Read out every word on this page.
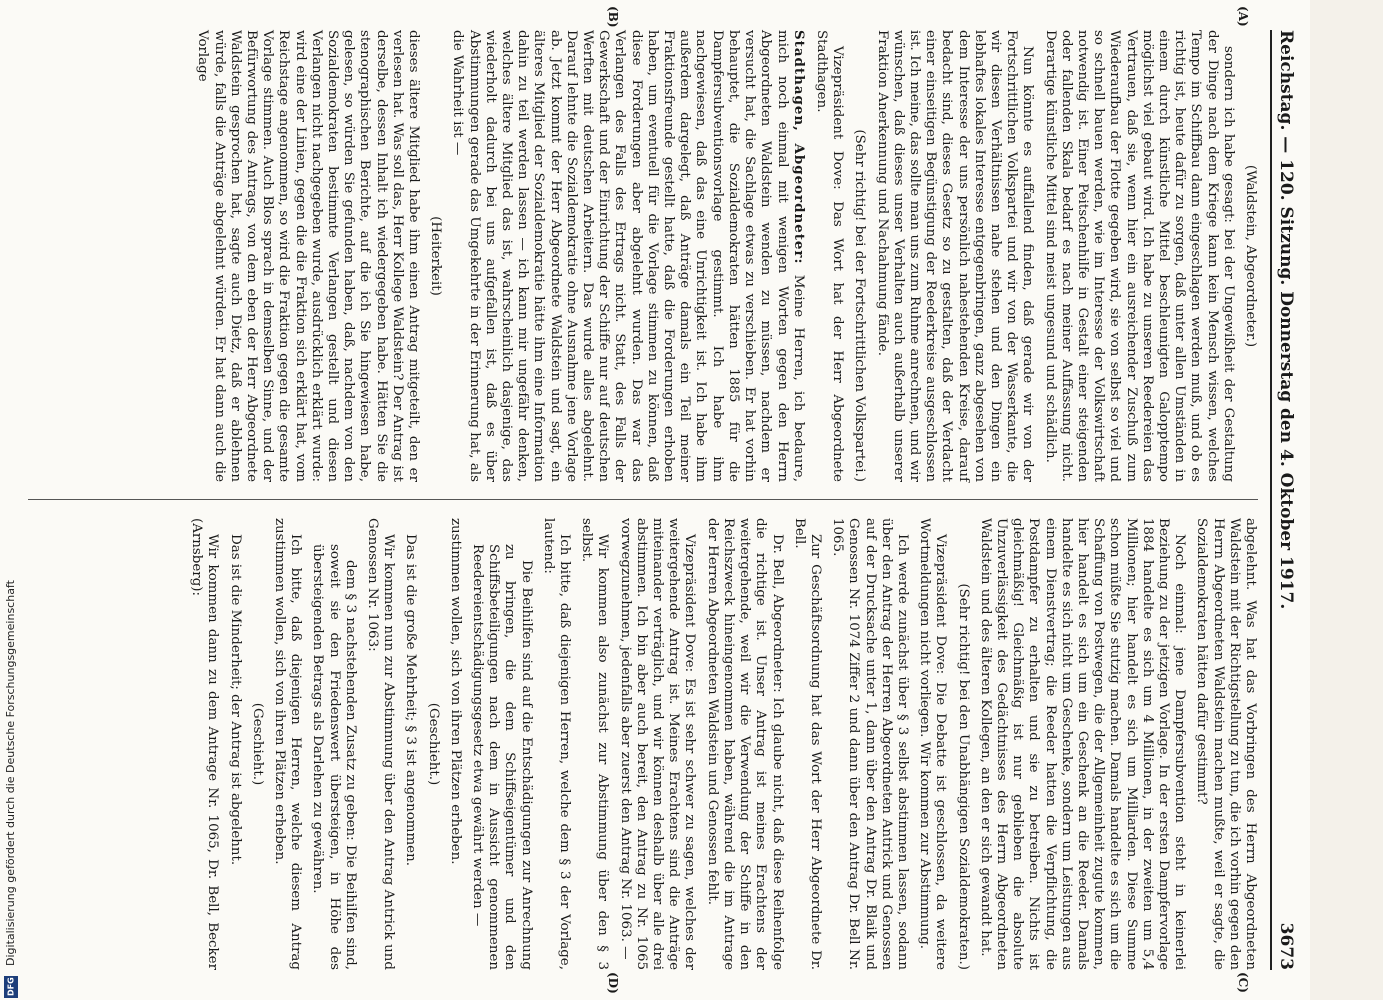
Reichstag. — 120. Sitzung. Donnerstag den 4. Oktober 1917.
3673
(A)
(B)
(C)
(D)

(Waldstein, Abgeordneter.)

sondern ich habe gesagt: bei der Ungewißheit der Gestaltung der Dinge nach dem Kriege kann kein Mensch wissen, welches Tempo im Schiffbau dann eingeschlagen werden muß, und ob es richtig ist, heute dafür zu sorgen, daß unter allen Umständen in einem durch künstliche Mittel beschleunigten Galopptempo möglichst viel gebaut wird. Ich habe zu unseren Reedereien das Vertrauen, daß sie, wenn hier ein ausreichender Zuschuß zum Wiederaufbau der Flotte gegeben wird, sie von selbst so viel und so schnell bauen werden, wie im Interesse der Volkswirtschaft notwendig ist. Einer Peitschenhilfe in Gestalt einer steigenden oder fallenden Skala bedarf es nach meiner Auffassung nicht. Derartige künstliche Mittel sind meist ungesund und schädlich.

Nun könnte es auffallend finden, daß gerade wir von der Fortschrittlichen Volkspartei und wir von der Wasserkante, die wir diesen Verhältnissen nahe stehen und den Dingen ein lebhaftes lokales Interesse entgegenbringen, ganz abgesehen von dem Interesse der uns persönlich nahestehenden Kreise, darauf bedacht sind, dieses Gesetz so zu gestalten, daß der Verdacht einer einseitigen Begünstigung der Reederkreise ausgeschlossen ist. Ich meine, das sollte man uns zum Ruhme anrechnen, und wir wünschen, daß dieses unser Verhalten auch außerhalb unserer Fraktion Anerkennung und Nachahmung fände.

(Sehr richtig! bei der Fortschrittlichen Volkspartei.)

Vizepräsident Dove: Das Wort hat der Herr Abgeordnete Stadthagen.

Stadthagen, Abgeordneter: Meine Herren, ich bedaure, mich noch einmal mit wenigen Worten gegen den Herrn Abgeordneten Waldstein wenden zu müssen, nachdem er versucht hat, die Sachlage etwas zu verschieben. Er hat vorhin behauptet, die Sozialdemokraten hätten 1885 für die Dampfersubventionsvorlage gestimmt. Ich habe ihm nachgewiesen, daß das eine Unrichtigkeit ist. Ich habe ihm außerdem dargelegt, daß Anträge damals ein Teil meiner Fraktionsfreunde gestellt hatte, daß die Forderungen erhoben haben, um eventuell für die Vorlage stimmen zu können, daß diese Forderungen aber abgelehnt wurden. Das war das Verlangen des Falls des Ertrags nicht. Statt, des Falls der Gewerkschaft und der Einrichtung der Schiffe nur auf deutschen Werften mit deutschen Arbeitern. Das wurde alles abgelehnt. Darauf lehnte die Sozialdemokratie ohne Ausnahme jene Vorlage ab. Jetzt kommt der Herr Abgeordnete Waldstein und sagt, ein älteres Mitglied der Sozialdemokratie hätte ihm eine Information dahin zu teil werden lassen — ich kann mir ungefähr denken, welches ältere Mitglied das ist, wahrscheinlich dasjenige, das wiederholt dadurch bei uns aufgefallen ist, daß es über Abstimmungen gerade das Umgekehrte in der Erinnerung hat, als die Wahrheit ist —

(Heiterkeit)

dieses ältere Mitglied habe ihm einen Antrag mitgeteilt, den er verlesen hat. Was soll das, Herr Kollege Waldstein? Der Antrag ist derselbe, dessen Inhalt ich wiedergegeben habe. Hätten Sie die stenographischen Berichte, auf die ich Sie hingewiesen habe, gelesen, so würden Sie gefunden haben, daß, nachdem von den Sozialdemokraten bestimmte Verlangen gestellt und diesen Verlangen nicht nachgegeben wurde, ausdrücklich erklärt wurde: wird eine der Linien, gegen die die Fraktion sich erklärt hat, vom Reichstage angenommen, so wird die Fraktion gegen die gesamte Vorlage stimmen. Auch Blos sprach in demselben Sinne, und der Befürwortung des Antrags, von dem eben der Herr Abgeordnete Waldstein gesprochen hat, sagte auch Dietz, daß er ablehnen würde, falls die Anträge abgelehnt würden. Er hat dann auch die Vorlage

abgelehnt. Was hat das Vorbringen des Herrn Abgeordneten Waldstein mit der Richtigstellung zu tun, die ich vorhin gegen den Herrn Abgeordneten Waldstein machen mußte, weil er sagte, die Sozialdemokraten hätten dafür gestimmt?

Noch einmal: jene Dampfersubvention steht in keinerlei Beziehung zu der jetzigen Vorlage. In der ersten Dampfervorlage 1884 handelte es sich um 4 Millionen, in der zweiten um 5,4 Millionen; hier handelt es sich um Milliarden. Diese Summe schon müßte Sie stutzig machen. Damals handelte es sich um die Schaffung von Postwegen, die der Allgemeinheit zugute kommen, hier handelt es sich um ein Geschenk an die Reeder. Damals handelte es sich nicht um Geschenke, sondern um Leistungen aus einem Dienstvertrag; die Reeder hatten die Verpflichtung, die Postdampfer zu erhalten und sie zu betreiben. Nichts ist gleichmäßig! Gleichmäßig ist nur geblieben die absolute Unzuverlässigkeit des Gedächtnisses des Herrn Abgeordneten Waldstein und des älteren Kollegen, an den er sich gewandt hat.

(Sehr richtig! bei den Unabhängigen Sozialdemokraten.)

Vizepräsident Dove: Die Debatte ist geschlossen, da weitere Wortmeldungen nicht vorliegen. Wir kommen zur Abstimmung.

Ich werde zunächst über § 3 selbst abstimmen lassen, sodann über den Antrag der Herren Abgeordneten Antrick und Genossen auf der Drucksache unter 1, dann über den Antrag Dr. Blaik und Genossen Nr. 1074 Ziffer 2 und dann über den Antrag Dr. Bell Nr. 1065.

Zur Geschäftsordnung hat das Wort der Herr Abgeordnete Dr. Bell.

Dr. Bell, Abgeordneter: Ich glaube nicht, daß diese Reihenfolge die richtige ist. Unser Antrag ist meines Erachtens der weitergehende, weil wir die Verwendung der Schiffe in den Reichszweck hineingenommen haben, während die im Antrage der Herren Abgeordneten Waldstein und Genossen fehlt.

Vizepräsident Dove: Es ist sehr schwer zu sagen, welches der weitergehende Antrag ist. Meines Erachtens sind die Anträge miteinander verträglich, und wir können deshalb über alle drei abstimmen. Ich bin aber auch bereit, den Antrag zu Nr. 1065 vorwegzunehmen, jedenfalls aber zuerst den Antrag Nr. 1063. —

Wir kommen also zunächst zur Abstimmung über den § 3 selbst.

Ich bitte, daß diejenigen Herren, welche dem § 3 der Vorlage, lautend:

Die Beihilfen sind auf die Entschädigungen zur Anrechnung zu bringen, die dem Schiffseigentümer und den Schiffsbeteiligungen nach dem in Aussicht genommenen Reedereientschädigungsgesetz etwa gewährt werden —

zustimmen wollen, sich von ihren Plätzen erheben.

(Geschieht.)

Das ist die große Mehrheit; § 3 ist angenommen.

Wir kommen nun zur Abstimmung über den Antrag Antrick und Genossen Nr. 1063:

dem § 3 nachstehenden Zusatz zu geben: Die Beihilfen sind, soweit sie den Friedenswert übersteigen, in Höhe des übersteigenden Betrags als Darlehen zu gewähren.

Ich bitte, daß diejenigen Herren, welche diesem Antrag zustimmen wollen, sich von ihren Plätzen erheben.

(Geschieht.)

Das ist die Minderheit; der Antrag ist abgelehnt.

Wir kommen dann zu dem Antrage Nr. 1065, Dr. Bell, Becker (Arnsberg):

DFG
Digitalisierung gefördert durch die Deutsche Forschungsgemeinschaft
